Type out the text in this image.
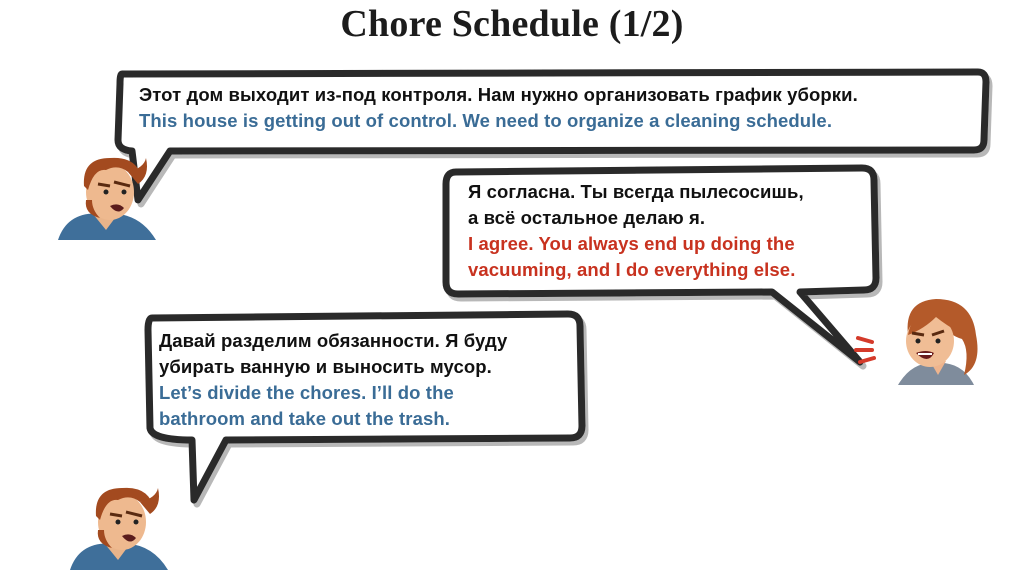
Chore Schedule (1/2)
Этот дом выходит из-под контроля. Нам нужно организовать график уборки.
This house is getting out of control. We need to organize a cleaning schedule.
Я согласна. Ты всегда пылесосишь,
а всё остальное делаю я.
I agree. You always end up doing the
vacuuming, and I do everything else.
Давай разделим обязанности. Я буду
убирать ванную и выносить мусор.
Let’s divide the chores. I’ll do the
bathroom and take out the trash.
